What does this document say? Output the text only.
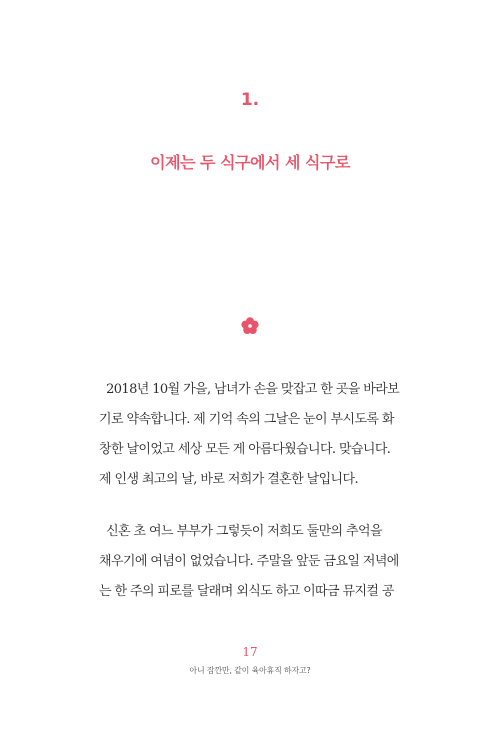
1.
이제는 두 식구에서 세 식구로
2018년 10월 가을, 남녀가 손을 맞잡고 한 곳을 바라보
기로 약속합니다. 제 기억 속의 그날은 눈이 부시도록 화
창한 날이었고 세상 모든 게 아름다웠습니다. 맞습니다.
제 인생 최고의 날, 바로 저희가 결혼한 날입니다.
신혼 초 여느 부부가 그렇듯이 저희도 둘만의 추억을
채우기에 여념이 없었습니다. 주말을 앞둔 금요일 저녁에
는 한 주의 피로를 달래며 외식도 하고 이따금 뮤지컬 공
17
아니 잠깐만, 같이 육아휴직 하자고?
